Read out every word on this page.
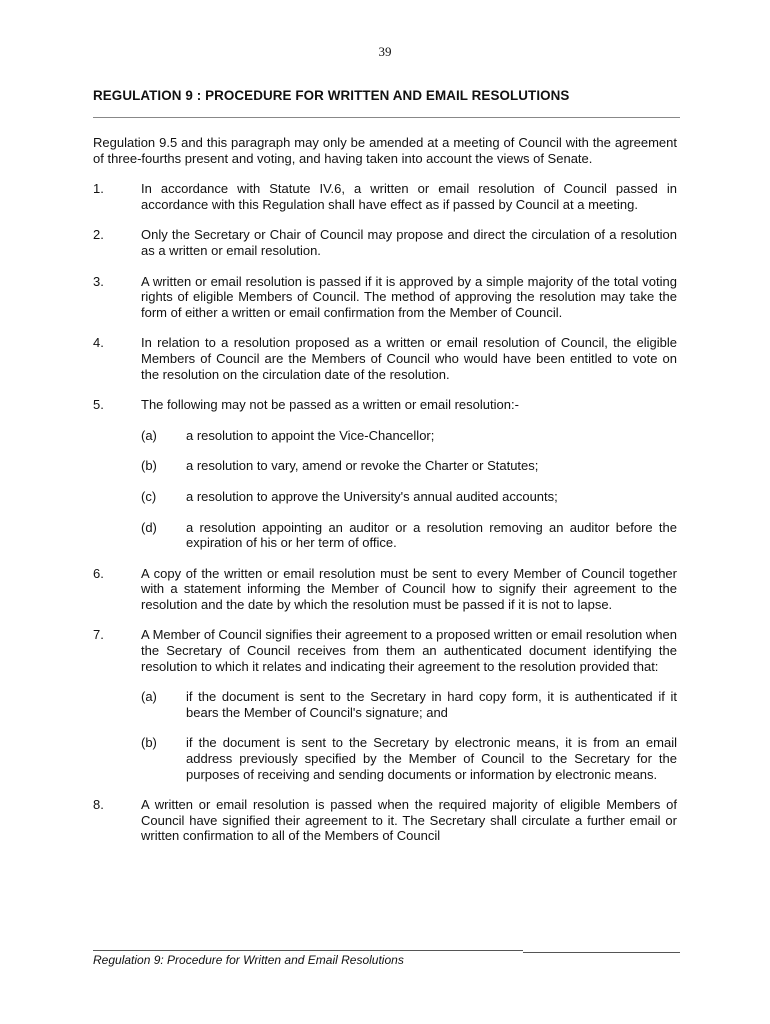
39
REGULATION 9 : PROCEDURE FOR WRITTEN AND EMAIL RESOLUTIONS

Regulation 9.5 and this paragraph may only be amended at a meeting of Council with the agreement of three-fourths present and voting, and having taken into account the views of Senate.

1.	In accordance with Statute IV.6, a written or email resolution of Council passed in accordance with this Regulation shall have effect as if passed by Council at a meeting.
2.	Only the Secretary or Chair of Council may propose and direct the circulation of a resolution as a written or email resolution.
3.	A written or email resolution is passed if it is approved by a simple majority of the total voting rights of eligible Members of Council. The method of approving the resolution may take the form of either a written or email confirmation from the Member of Council.
4.	In relation to a resolution proposed as a written or email resolution of Council, the eligible Members of Council are the Members of Council who would have been entitled to vote on the resolution on the circulation date of the resolution.
5.	The following may not be passed as a written or email resolution:-
(a) a resolution to appoint the Vice-Chancellor;
(b) a resolution to vary, amend or revoke the Charter or Statutes;
(c) a resolution to approve the University's annual audited accounts;
(d) a resolution appointing an auditor or a resolution removing an auditor before the expiration of his or her term of office.
6.	A copy of the written or email resolution must be sent to every Member of Council together with a statement informing the Member of Council how to signify their agreement to the resolution and the date by which the resolution must be passed if it is not to lapse.
7.	A Member of Council signifies their agreement to a proposed written or email resolution when the Secretary of Council receives from them an authenticated document identifying the resolution to which it relates and indicating their agreement to the resolution provided that:
(a) if the document is sent to the Secretary in hard copy form, it is authenticated if it bears the Member of Council's signature; and
(b) if the document is sent to the Secretary by electronic means, it is from an email address previously specified by the Member of Council to the Secretary for the purposes of receiving and sending documents or information by electronic means.
8.	A written or email resolution is passed when the required majority of eligible Members of Council have signified their agreement to it. The Secretary shall circulate a further email or written confirmation to all of the Members of Council
Regulation 9: Procedure for Written and Email Resolutions
